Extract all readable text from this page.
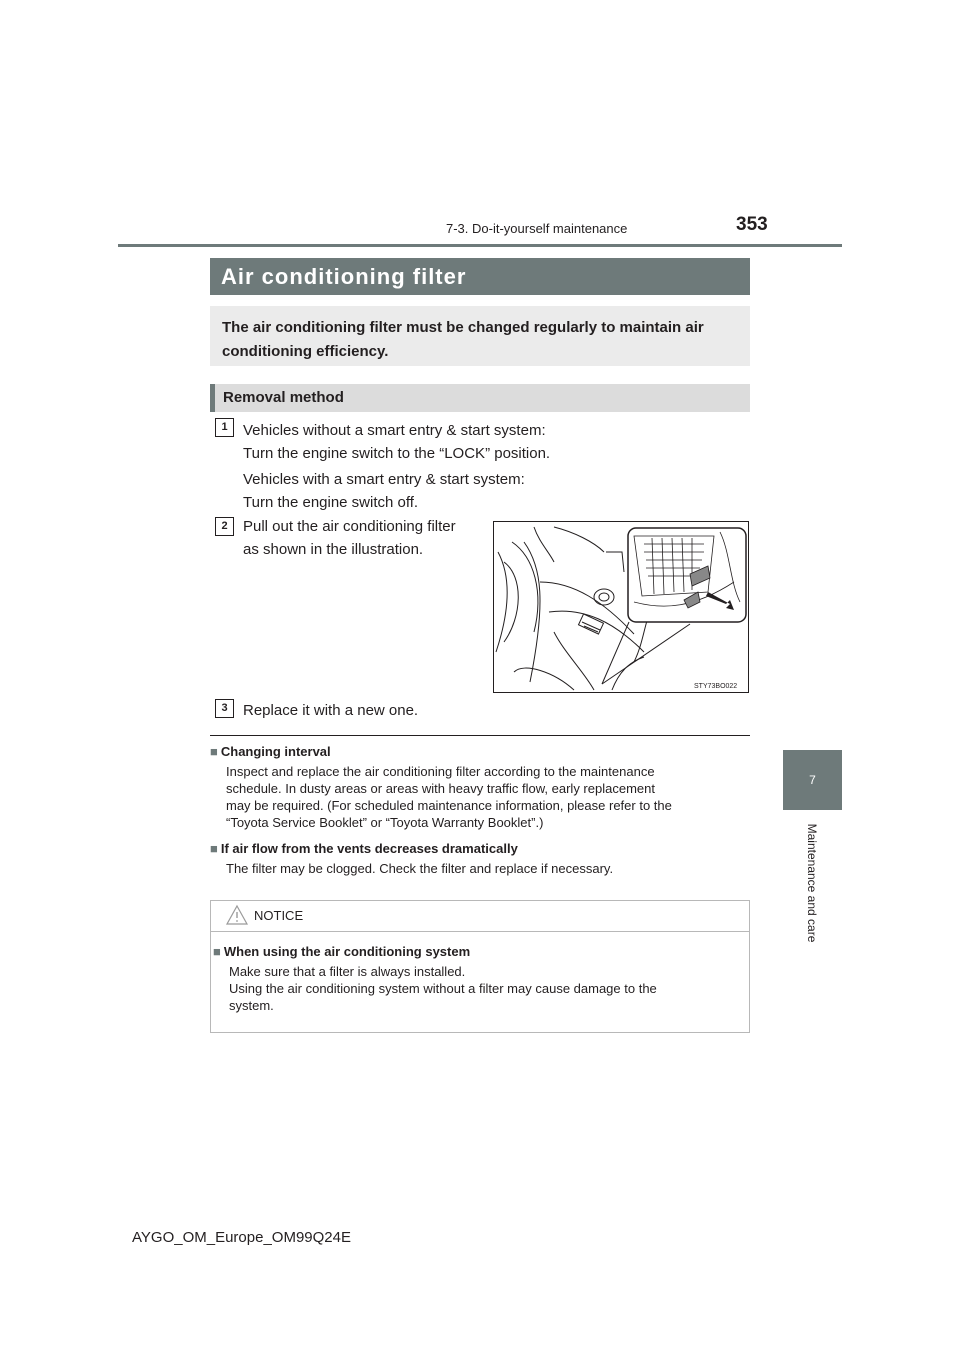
7-3. Do-it-yourself maintenance	353
7
Maintenance and care
Air conditioning filter
The air conditioning filter must be changed regularly to maintain air conditioning efficiency.
Removal method
1	Vehicles without a smart entry & start system:
Turn the engine switch to the “LOCK” position.
Vehicles with a smart entry & start system:
Turn the engine switch off.
2	Pull out the air conditioning filter
as shown in the illustration.
STY73BO022
3	Replace it with a new one.
■ Changing interval
Inspect and replace the air conditioning filter according to the maintenance
schedule. In dusty areas or areas with heavy traffic flow, early replacement
may be required. (For scheduled maintenance information, please refer to the
“Toyota Service Booklet” or “Toyota Warranty Booklet”.)
■ If air flow from the vents decreases dramatically
The filter may be clogged. Check the filter and replace if necessary.
NOTICE
■ When using the air conditioning system
Make sure that a filter is always installed.
Using the air conditioning system without a filter may cause damage to the
system.
AYGO_OM_Europe_OM99Q24E
